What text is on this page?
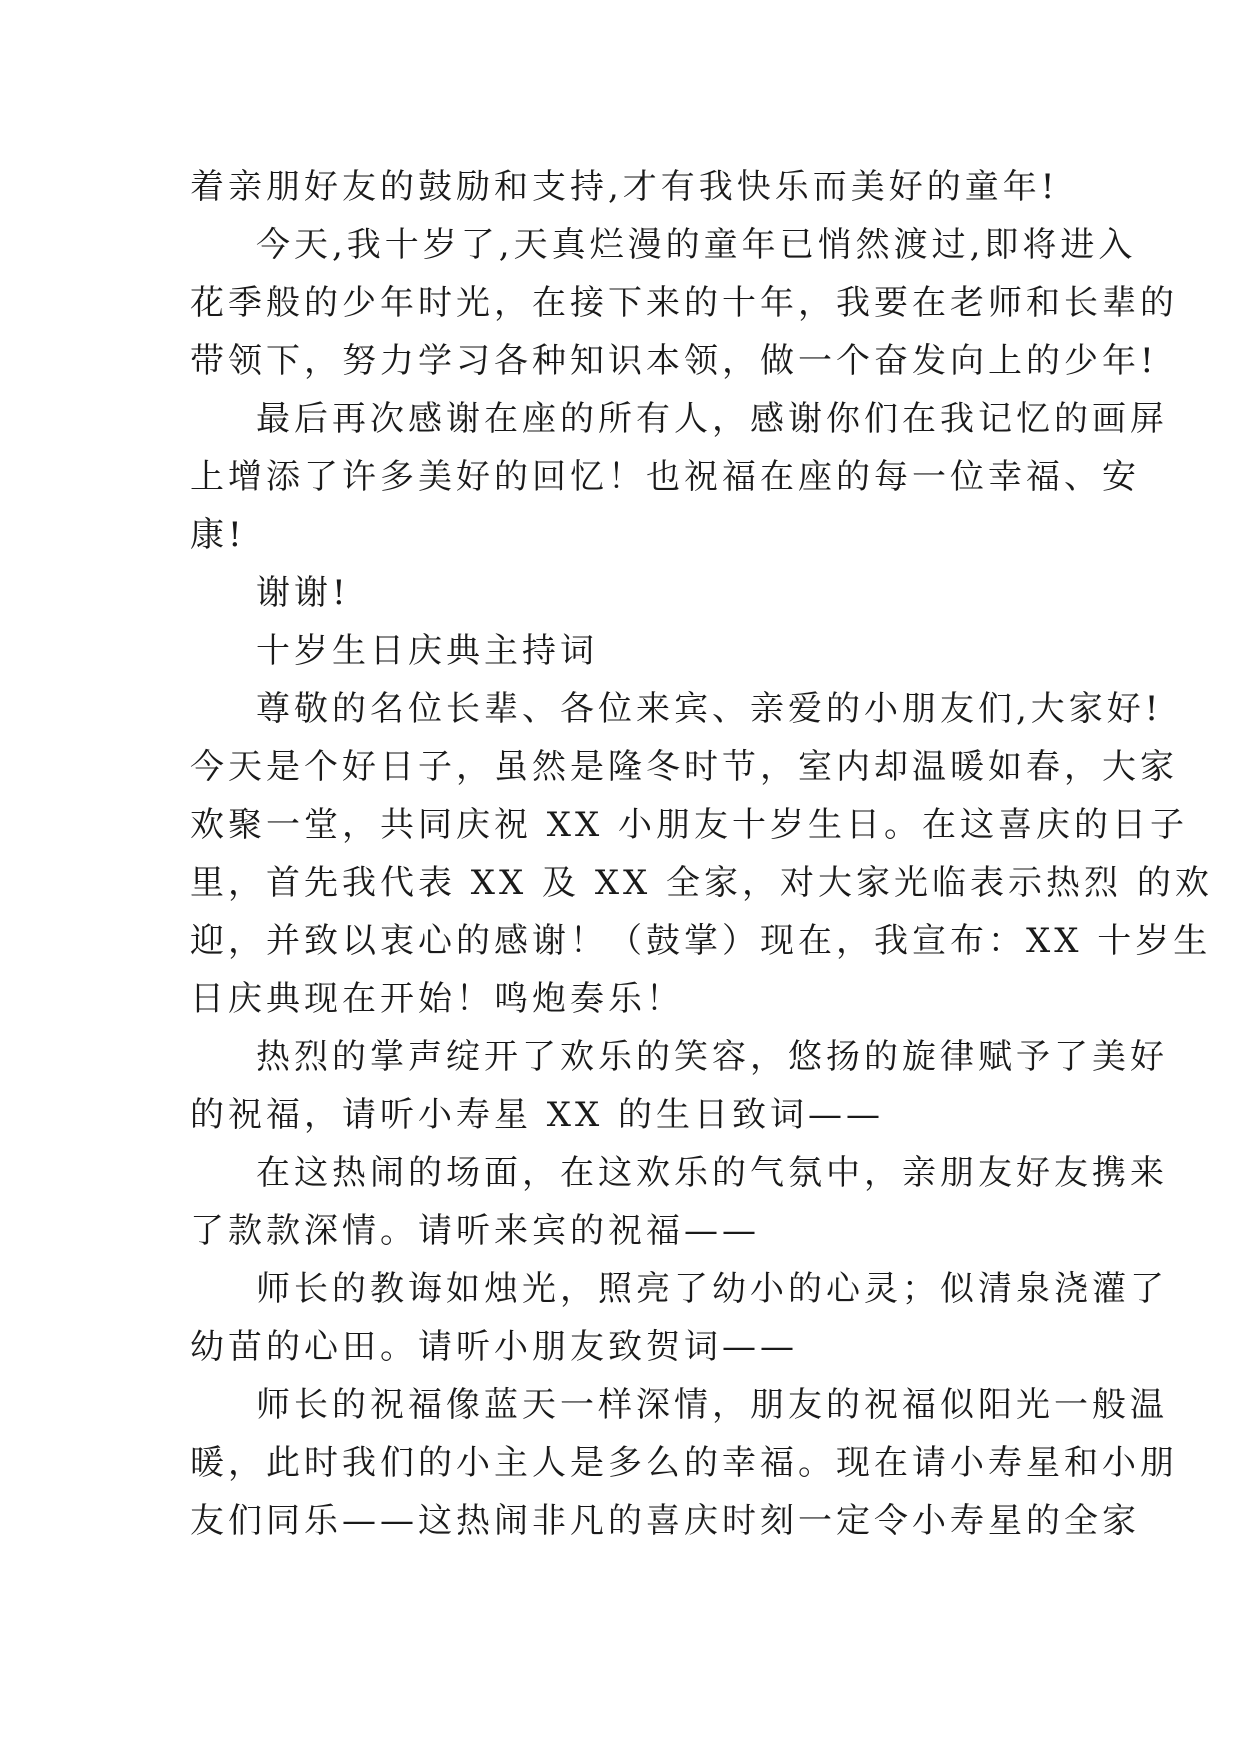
着亲朋好友的鼓励和支持,才有我快乐而美好的童年!
今天,我十岁了,天真烂漫的童年已悄然渡过,即将进入
花季般的少年时光，在接下来的十年，我要在老师和长辈的
带领下，努力学习各种知识本领，做一个奋发向上的少年!
最后再次感谢在座的所有人，感谢你们在我记忆的画屏
上增添了许多美好的回忆！也祝福在座的每一位幸福、安
康!
谢谢!
十岁生日庆典主持词
尊敬的名位长辈、各位来宾、亲爱的小朋友们,大家好!
今天是个好日子，虽然是隆冬时节，室内却温暖如春，大家
欢聚一堂，共同庆祝 XX 小朋友十岁生日。在这喜庆的日子
里，首先我代表 XX 及 XX 全家，对大家光临表示热烈 的欢
迎，并致以衷心的感谢！（鼓掌）现在，我宣布：XX 十岁生
日庆典现在开始！鸣炮奏乐！
热烈的掌声绽开了欢乐的笑容，悠扬的旋律赋予了美好
的祝福，请听小寿星 XX 的生日致词——
在这热闹的场面，在这欢乐的气氛中，亲朋友好友携来
了款款深情。请听来宾的祝福——
师长的教诲如烛光，照亮了幼小的心灵；似清泉浇灌了
幼苗的心田。请听小朋友致贺词——
师长的祝福像蓝天一样深情，朋友的祝福似阳光一般温
暖，此时我们的小主人是多么的幸福。现在请小寿星和小朋
友们同乐——这热闹非凡的喜庆时刻一定令小寿星的全家
